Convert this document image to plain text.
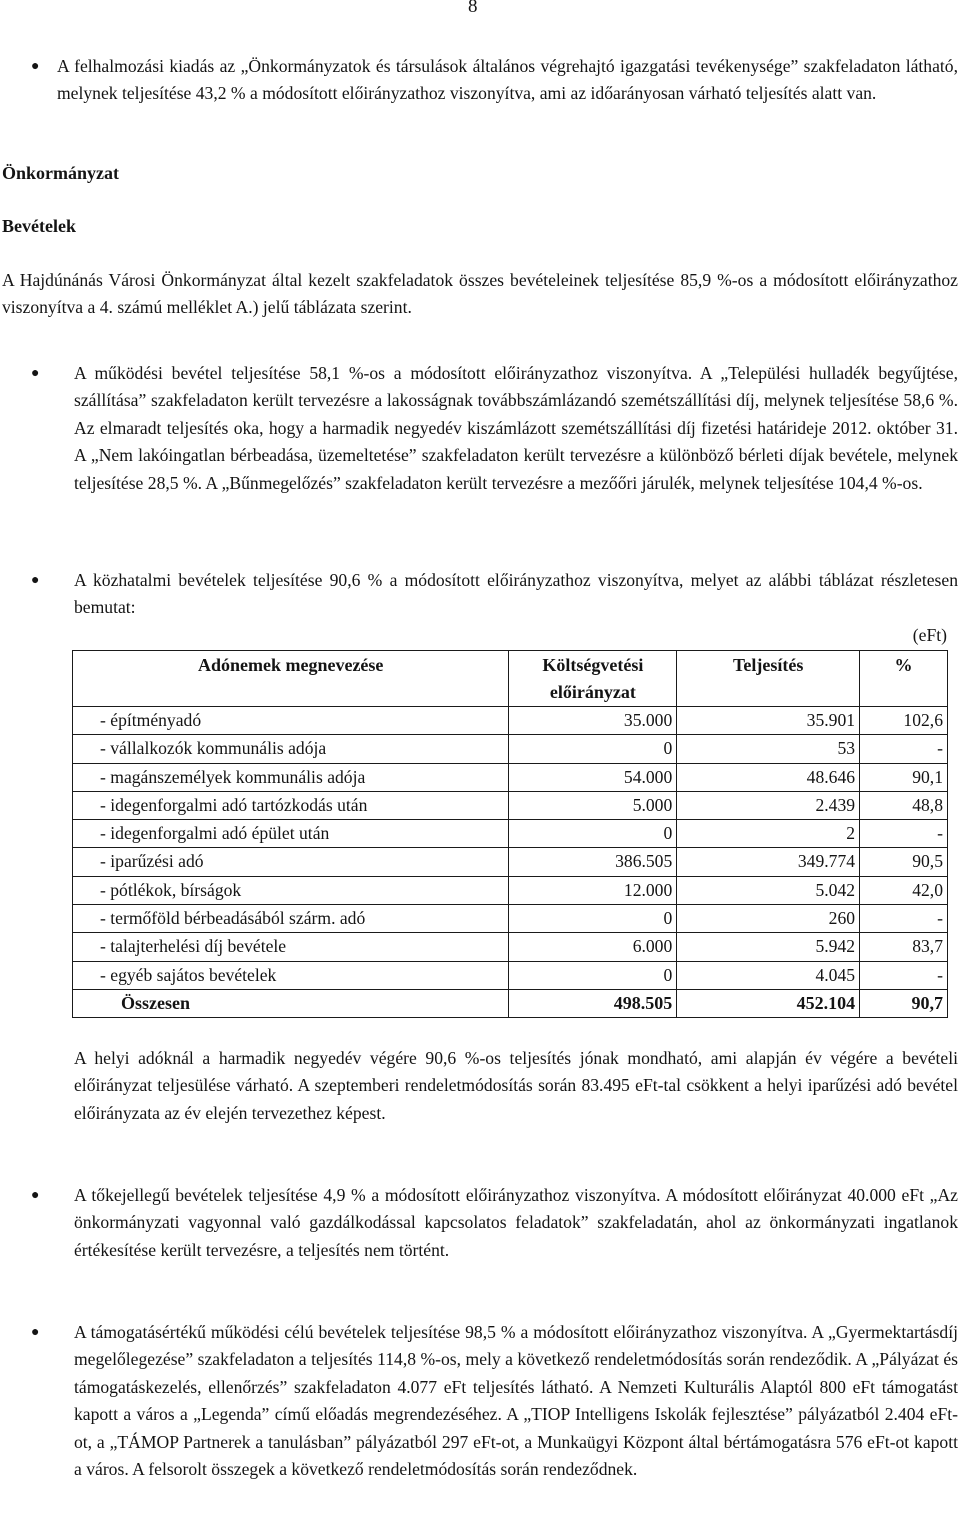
8
● A felhalmozási kiadás az „Önkormányzatok és társulások általános végrehajtó igazgatási tevékenysége” szakfeladaton látható, melynek teljesítése 43,2 % a módosított előirányzathoz viszonyítva, ami az időarányosan várható teljesítés alatt van.
Önkormányzat
Bevételek
A Hajdúnánás Városi Önkormányzat által kezelt szakfeladatok összes bevételeinek teljesítése 85,9 %-os a módosított előirányzathoz viszonyítva a 4. számú melléklet A.) jelű táblázata szerint.
● A működési bevétel teljesítése 58,1 %-os a módosított előirányzathoz viszonyítva. A „Települési hulladék begyűjtése, szállítása” szakfeladaton került tervezésre a lakosságnak továbbszámlázandó szemétszállítási díj, melynek teljesítése 58,6 %. Az elmaradt teljesítés oka, hogy a harmadik negyedév kiszámlázott szemétszállítási díj fizetési határideje 2012. október 31. A „Nem lakóingatlan bérbeadása, üzemeltetése” szakfeladaton került tervezésre a különböző bérleti díjak bevétele, melynek teljesítése 28,5 %. A „Bűnmegelőzés” szakfeladaton került tervezésre a mezőőri járulék, melynek teljesítése 104,4 %-os.
● A közhatalmi bevételek teljesítése 90,6 % a módosított előirányzathoz viszonyítva, melyet az alábbi táblázat részletesen bemutat:
(eFt)
Adónemek megnevezése	Költségvetési előirányzat	Teljesítés	%
- építményadó	35.000	35.901	102,6
- vállalkozók kommunális adója	0	53	-
- magánszemélyek kommunális adója	54.000	48.646	90,1
- idegenforgalmi adó tartózkodás után	5.000	2.439	48,8
- idegenforgalmi adó épület után	0	2	-
- iparűzési adó	386.505	349.774	90,5
- pótlékok, bírságok	12.000	5.042	42,0
- termőföld bérbeadásából szárm. adó	0	260	-
- talajterhelési díj bevétele	6.000	5.942	83,7
- egyéb sajátos bevételek	0	4.045	-
Összesen	498.505	452.104	90,7
A helyi adóknál a harmadik negyedév végére 90,6 %-os teljesítés jónak mondható, ami alapján év végére a bevételi előirányzat teljesülése várható. A szeptemberi rendeletmódosítás során 83.495 eFt-tal csökkent a helyi iparűzési adó bevétel előirányzata az év elején tervezethez képest.
● A tőkejellegű bevételek teljesítése 4,9 % a módosított előirányzathoz viszonyítva. A módosított előirányzat 40.000 eFt „Az önkormányzati vagyonnal való gazdálkodással kapcsolatos feladatok” szakfeladatán, ahol az önkormányzati ingatlanok értékesítése került tervezésre, a teljesítés nem történt.
● A támogatásértékű működési célú bevételek teljesítése 98,5 % a módosított előirányzathoz viszonyítva. A „Gyermektartásdíj megelőlegezése” szakfeladaton a teljesítés 114,8 %-os, mely a következő rendeletmódosítás során rendeződik. A „Pályázat és támogatáskezelés, ellenőrzés” szakfeladaton 4.077 eFt teljesítés látható. A Nemzeti Kulturális Alaptól 800 eFt támogatást kapott a város a „Legenda” című előadás megrendezéséhez. A „TIOP Intelligens Iskolák fejlesztése” pályázatból 2.404 eFt-ot, a „TÁMOP Partnerek a tanulásban” pályázatból 297 eFt-ot, a Munkaügyi Központ által bértámogatásra 576 eFt-ot kapott a város. A felsorolt összegek a következő rendeletmódosítás során rendeződnek.
